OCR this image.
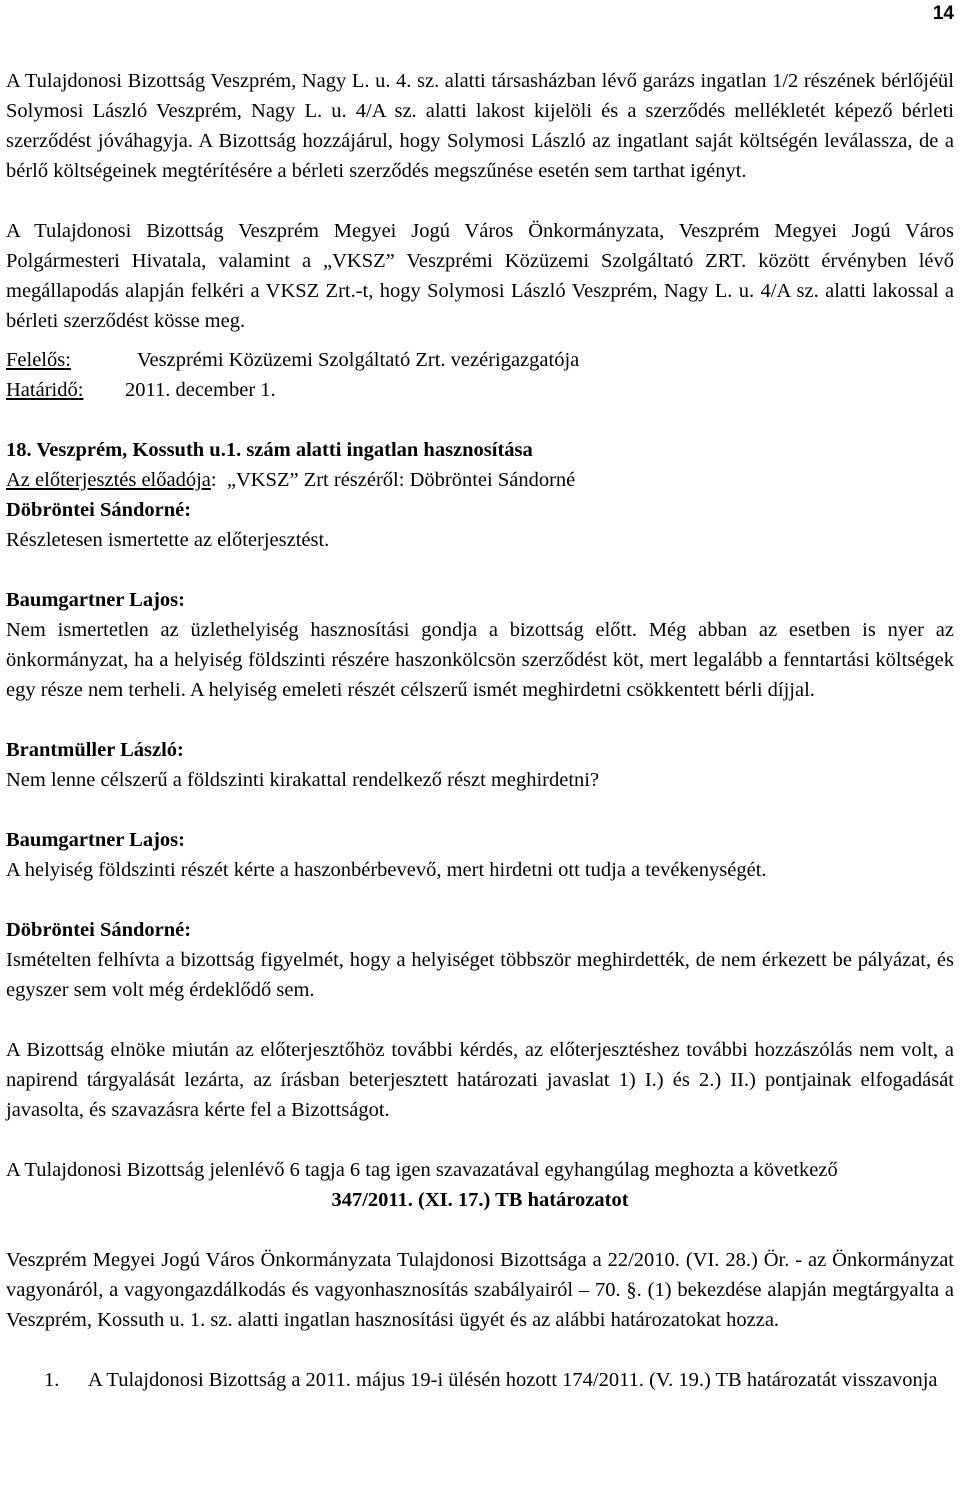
14

A Tulajdonosi Bizottság Veszprém, Nagy L. u. 4. sz. alatti társasházban lévő garázs ingatlan 1/2 részének bérlőjéül Solymosi László Veszprém, Nagy L. u. 4/A sz. alatti lakost kijelöli és a szerződés mellékletét képező bérleti szerződést jóváhagyja. A Bizottság hozzájárul, hogy Solymosi László az ingatlant saját költségén leválassza, de a bérlő költségeinek megtérítésére a bérleti szerződés megszűnése esetén sem tarthat igényt.

A Tulajdonosi Bizottság Veszprém Megyei Jogú Város Önkormányzata, Veszprém Megyei Jogú Város Polgármesteri Hivatala, valamint a „VKSZ” Veszprémi Közüzemi Szolgáltató ZRT. között érvényben lévő megállapodás alapján felkéri a VKSZ Zrt.-t, hogy Solymosi László Veszprém, Nagy L. u. 4/A sz. alatti lakossal a bérleti szerződést kösse meg.

Felelős:	Veszprémi Közüzemi Szolgáltató Zrt. vezérigazgatója
Határidő:	2011. december 1.

18. Veszprém, Kossuth u.1. szám alatti ingatlan hasznosítása

Az előterjesztés előadója :  „VKSZ” Zrt részéről: Döbröntei Sándorné

Döbröntei Sándorné:

Részletesen ismertette az előterjesztést.

Baumgartner Lajos:

Nem ismertetlen az üzlethelyiség hasznosítási gondja a bizottság előtt. Még abban az esetben is nyer az önkormányzat, ha a helyiség földszinti részére haszonkölcsön szerződést köt, mert legalább a fenntartási költségek egy része nem terheli. A helyiség emeleti részét célszerű ismét meghirdetni csökkentett bérli díjjal.

Brantmüller László:

Nem lenne célszerű a földszinti kirakattal rendelkező részt meghirdetni?

Baumgartner Lajos:

A helyiség földszinti részét kérte a haszonbérbevevő, mert hirdetni ott tudja a tevékenységét.

Döbröntei Sándorné:

Ismételten felhívta a bizottság figyelmét, hogy a helyiséget többször meghirdették, de nem érkezett be pályázat, és egyszer sem volt még érdeklődő sem.

A Bizottság elnöke miután az előterjesztőhöz további kérdés, az előterjesztéshez további hozzászólás nem volt, a napirend tárgyalását lezárta, az írásban beterjesztett határozati javaslat 1) I.) és 2.) II.) pontjainak elfogadását javasolta, és szavazásra kérte fel a Bizottságot.

A Tulajdonosi Bizottság jelenlévő 6 tagja 6 tag igen szavazatával egyhangúlag meghozta a következő

347/2011. (XI. 17.) TB határozatot

Veszprém Megyei Jogú Város Önkormányzata Tulajdonosi Bizottsága a 22/2010. (VI. 28.) Ör. - az Önkormányzat vagyonáról, a vagyongazdálkodás és vagyonhasznosítás szabályairól – 70. §. (1) bekezdése alapján megtárgyalta a Veszprém, Kossuth u. 1. sz. alatti ingatlan hasznosítási ügyét és az alábbi határozatokat hozza.

1.	A Tulajdonosi Bizottság a 2011. május 19-i ülésén hozott 174/2011. (V. 19.) TB határozatát visszavonja
